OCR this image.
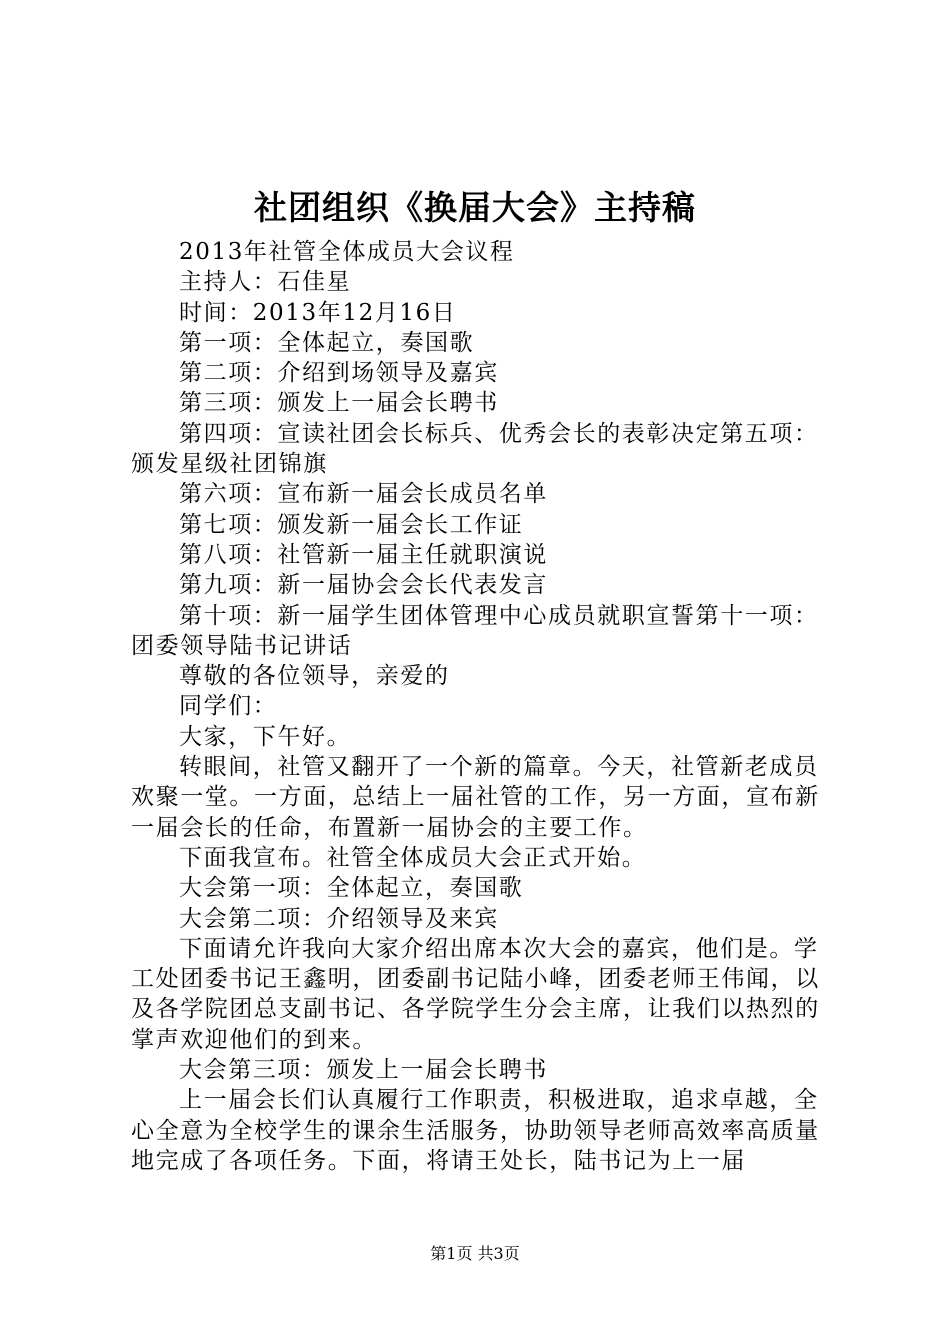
社团组织《换届大会》主持稿

2013年社管全体成员大会议程

主持人：石佳星

时间：2013年12月16日

第一项：全体起立，奏国歌

第二项：介绍到场领导及嘉宾

第三项：颁发上一届会长聘书

第四项：宣读社团会长标兵、优秀会长的表彰决定第五项：颁发星级社团锦旗

第六项：宣布新一届会长成员名单

第七项：颁发新一届会长工作证

第八项：社管新一届主任就职演说

第九项：新一届协会会长代表发言

第十项：新一届学生团体管理中心成员就职宣誓第十一项：团委领导陆书记讲话

尊敬的各位领导，亲爱的

同学们：

大家，下午好。

转眼间，社管又翻开了一个新的篇章。今天，社管新老成员欢聚一堂。一方面，总结上一届社管的工作，另一方面，宣布新一届会长的任命，布置新一届协会的主要工作。

下面我宣布。社管全体成员大会正式开始。

大会第一项：全体起立，奏国歌

大会第二项：介绍领导及来宾

下面请允许我向大家介绍出席本次大会的嘉宾，他们是。学工处团委书记王鑫明，团委副书记陆小峰，团委老师王伟闻，以及各学院团总支副书记、各学院学生分会主席，让我们以热烈的掌声欢迎他们的到来。

大会第三项：颁发上一届会长聘书

上一届会长们认真履行工作职责，积极进取，追求卓越，全心全意为全校学生的课余生活服务，协助领导老师高效率高质量地完成了各项任务。下面，将请王处长，陆书记为上一届

第1页 共3页
